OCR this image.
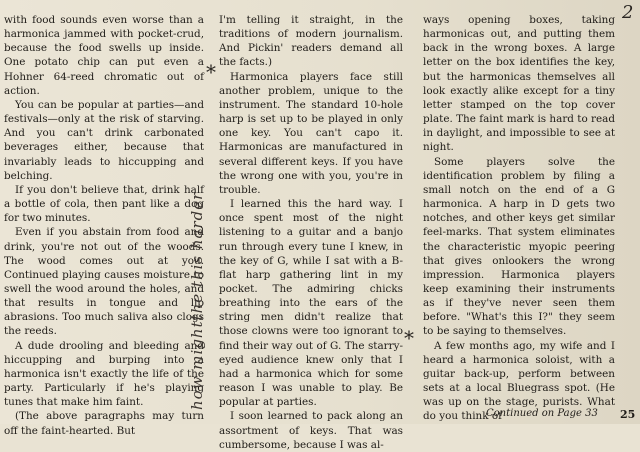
2

with food sounds even worse than a harmonica jammed with pocket-crud, because the food swells up inside. One potato chip can put even a Hohner 64-reed chromatic out of action.

You can be popular at parties—and festivals—only at the risk of starving. And you can't drink carbonated beverages either, because that invariably leads to hiccupping and belching.

If you don't believe that, drink half a bottle of cola, then pant like a dog for two minutes.

Even if you abstain from food and drink, you're not out of the woods. The wood comes out at you. Continued playing causes moisture to swell the wood around the holes, and that results in tongue and lip abrasions. Too much saliva also clogs the reeds.

A dude drooling and bleeding and hiccupping and burping into a harmonica isn't exactly the life of the party. Particularly if he's playing tunes that make him faint.

(The above paragraphs may turn off the faint-hearted. But

I'm telling it straight, in the traditions of modern journalism. And Pickin' readers demand all the facts.)

Harmonica players face still another problem, unique to the instrument. The standard 10-hole harp is set up to be played in only one key. You can't capo it. Harmonicas are manufactured in several different keys. If you have the wrong one with you, you're in trouble.

I learned this the hard way. I once spent most of the night listening to a guitar and a banjo run through every tune I knew, in the key of G, while I sat with a B-flat harp gathering lint in my pocket. The admiring chicks breathing into the ears of the string men didn't realize that those clowns were too ignorant to find their way out of G. The starry-eyed audience knew only that I had a harmonica which for some reason I was unable to play. Be popular at parties.

I soon learned to pack along an assortment of keys. That was cumbersome, because I was al-

ways opening boxes, taking harmonicas out, and putting them back in the wrong boxes. A large letter on the box identifies the key, but the harmonicas themselves all look exactly alike except for a tiny letter stamped on the top cover plate. The faint mark is hard to read in daylight, and impossible to see at night.

Some players solve the identification problem by filing a small notch on the end of a G harmonica. A harp in D gets two notches, and other keys get similar feel-marks. That system eliminates the characteristic myopic peering that gives onlookers the wrong impression. Harmonica players keep examining their instruments as if they've never seen them before. "What's this I?" they seem to be saying to themselves.

A few months ago, my wife and I heard a harmonica soloist, with a guitar back-up, perform between sets at a local Bluegrass spot. (He was up on the stage, purists. What do you think of

how mightthe this harder
*
*
Continued on Page 33 25
